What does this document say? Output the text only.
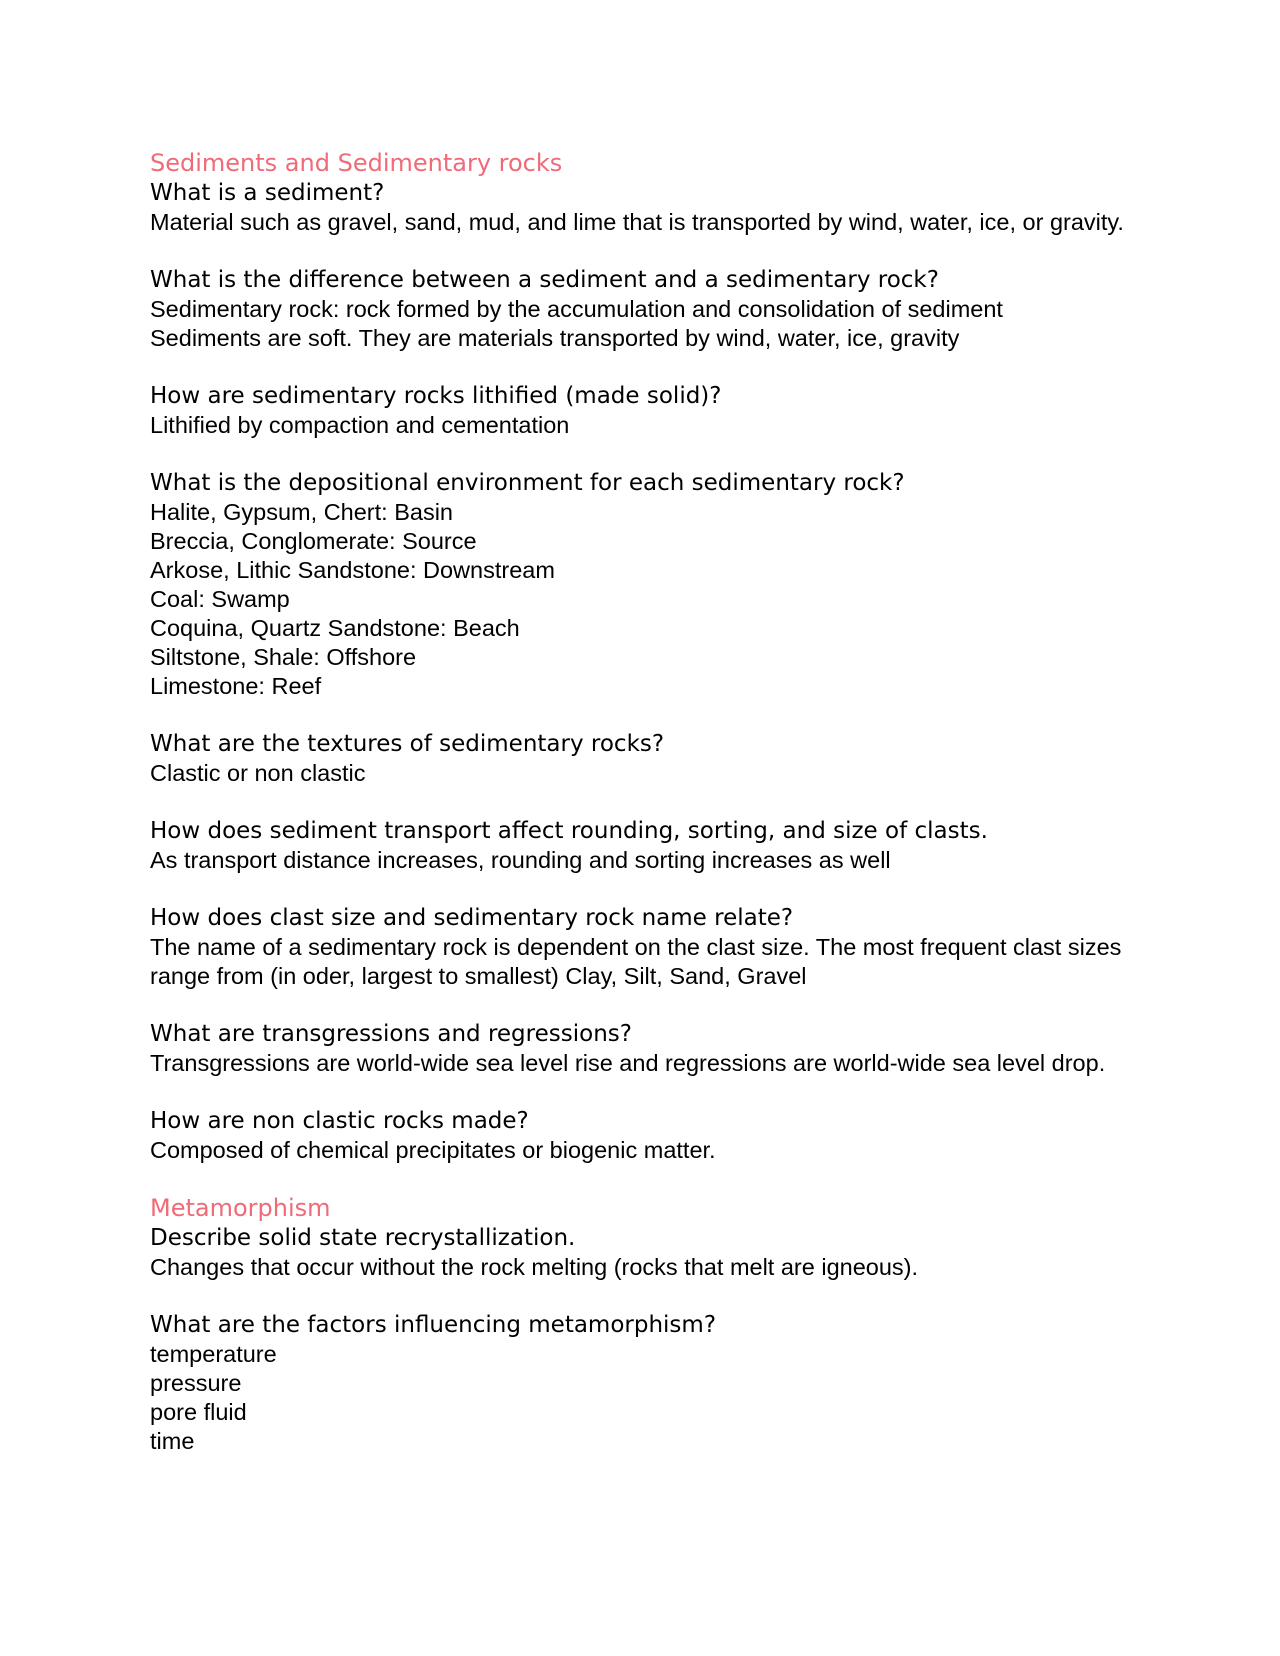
Sediments and Sedimentary rocks

What is a sediment?

Material such as gravel, sand, mud, and lime that is transported by wind, water, ice, or gravity.

What is the difference between a sediment and a sedimentary rock?

Sedimentary rock: rock formed by the accumulation and consolidation of sediment

Sediments are soft. They are materials transported by wind, water, ice, gravity

How are sedimentary rocks lithified (made solid)?

Lithified by compaction and cementation

What is the depositional environment for each sedimentary rock?

Halite, Gypsum, Chert: Basin

Breccia, Conglomerate: Source

Arkose, Lithic Sandstone: Downstream

Coal: Swamp

Coquina, Quartz Sandstone: Beach

Siltstone, Shale: Offshore

Limestone: Reef

What are the textures of sedimentary rocks?

Clastic or non clastic

How does sediment transport affect rounding, sorting, and size of clasts.

As transport distance increases, rounding and sorting increases as well

How does clast size and sedimentary rock name relate?

The name of a sedimentary rock is dependent on the clast size. The most frequent clast sizes range from (in oder, largest to smallest) Clay, Silt, Sand, Gravel

What are transgressions and regressions?

Transgressions are world-wide sea level rise and regressions are world-wide sea level drop.

How are non clastic rocks made?

Composed of chemical precipitates or biogenic matter.

Metamorphism

Describe solid state recrystallization.

Changes that occur without the rock melting (rocks that melt are igneous).

What are the factors influencing metamorphism?

temperature

pressure

pore fluid

time
